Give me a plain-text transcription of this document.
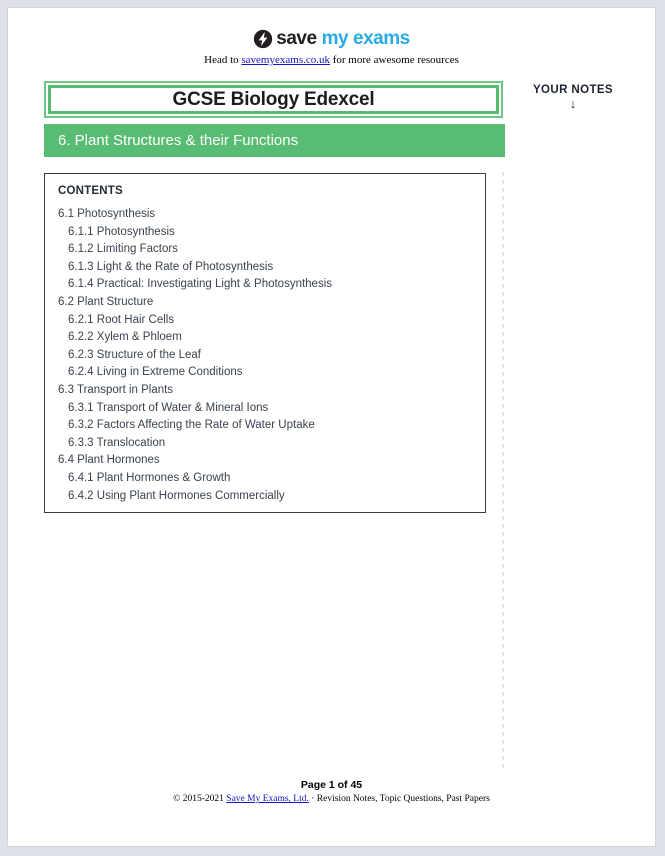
save my exams
Head to savemyexams.co.uk for more awesome resources
GCSE Biology Edexcel
6. Plant Structures & their Functions
YOUR NOTES
↓
CONTENTS
6.1 Photosynthesis
6.1.1 Photosynthesis
6.1.2 Limiting Factors
6.1.3 Light & the Rate of Photosynthesis
6.1.4 Practical: Investigating Light & Photosynthesis
6.2 Plant Structure
6.2.1 Root Hair Cells
6.2.2 Xylem & Phloem
6.2.3 Structure of the Leaf
6.2.4 Living in Extreme Conditions
6.3 Transport in Plants
6.3.1 Transport of Water & Mineral Ions
6.3.2 Factors Affecting the Rate of Water Uptake
6.3.3 Translocation
6.4 Plant Hormones
6.4.1 Plant Hormones & Growth
6.4.2 Using Plant Hormones Commercially
Page 1 of 45
© 2015-2021 Save My Exams, Ltd. · Revision Notes, Topic Questions, Past Papers
